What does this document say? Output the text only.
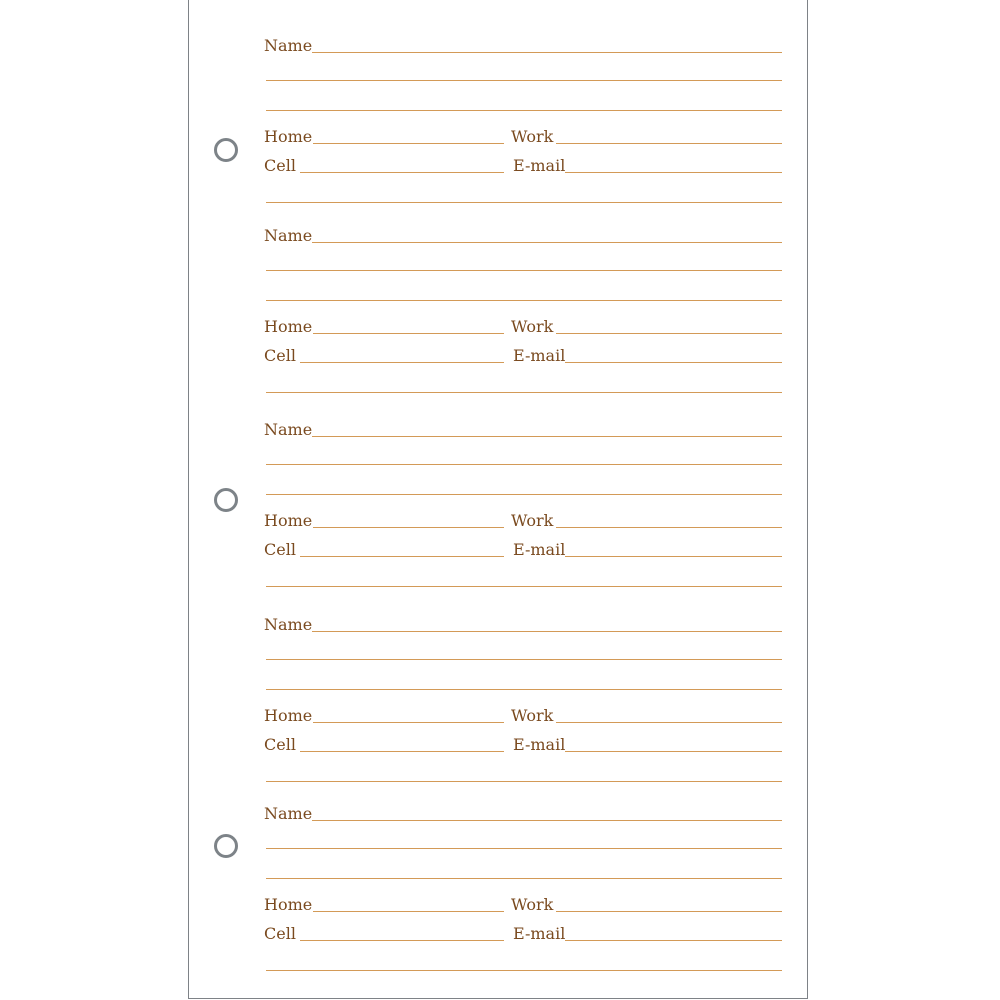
Name
Home	Work
Cell	E-mail
Name
Home	Work
Cell	E-mail
Name
Home	Work
Cell	E-mail
Name
Home	Work
Cell	E-mail
Name
Home	Work
Cell	E-mail
